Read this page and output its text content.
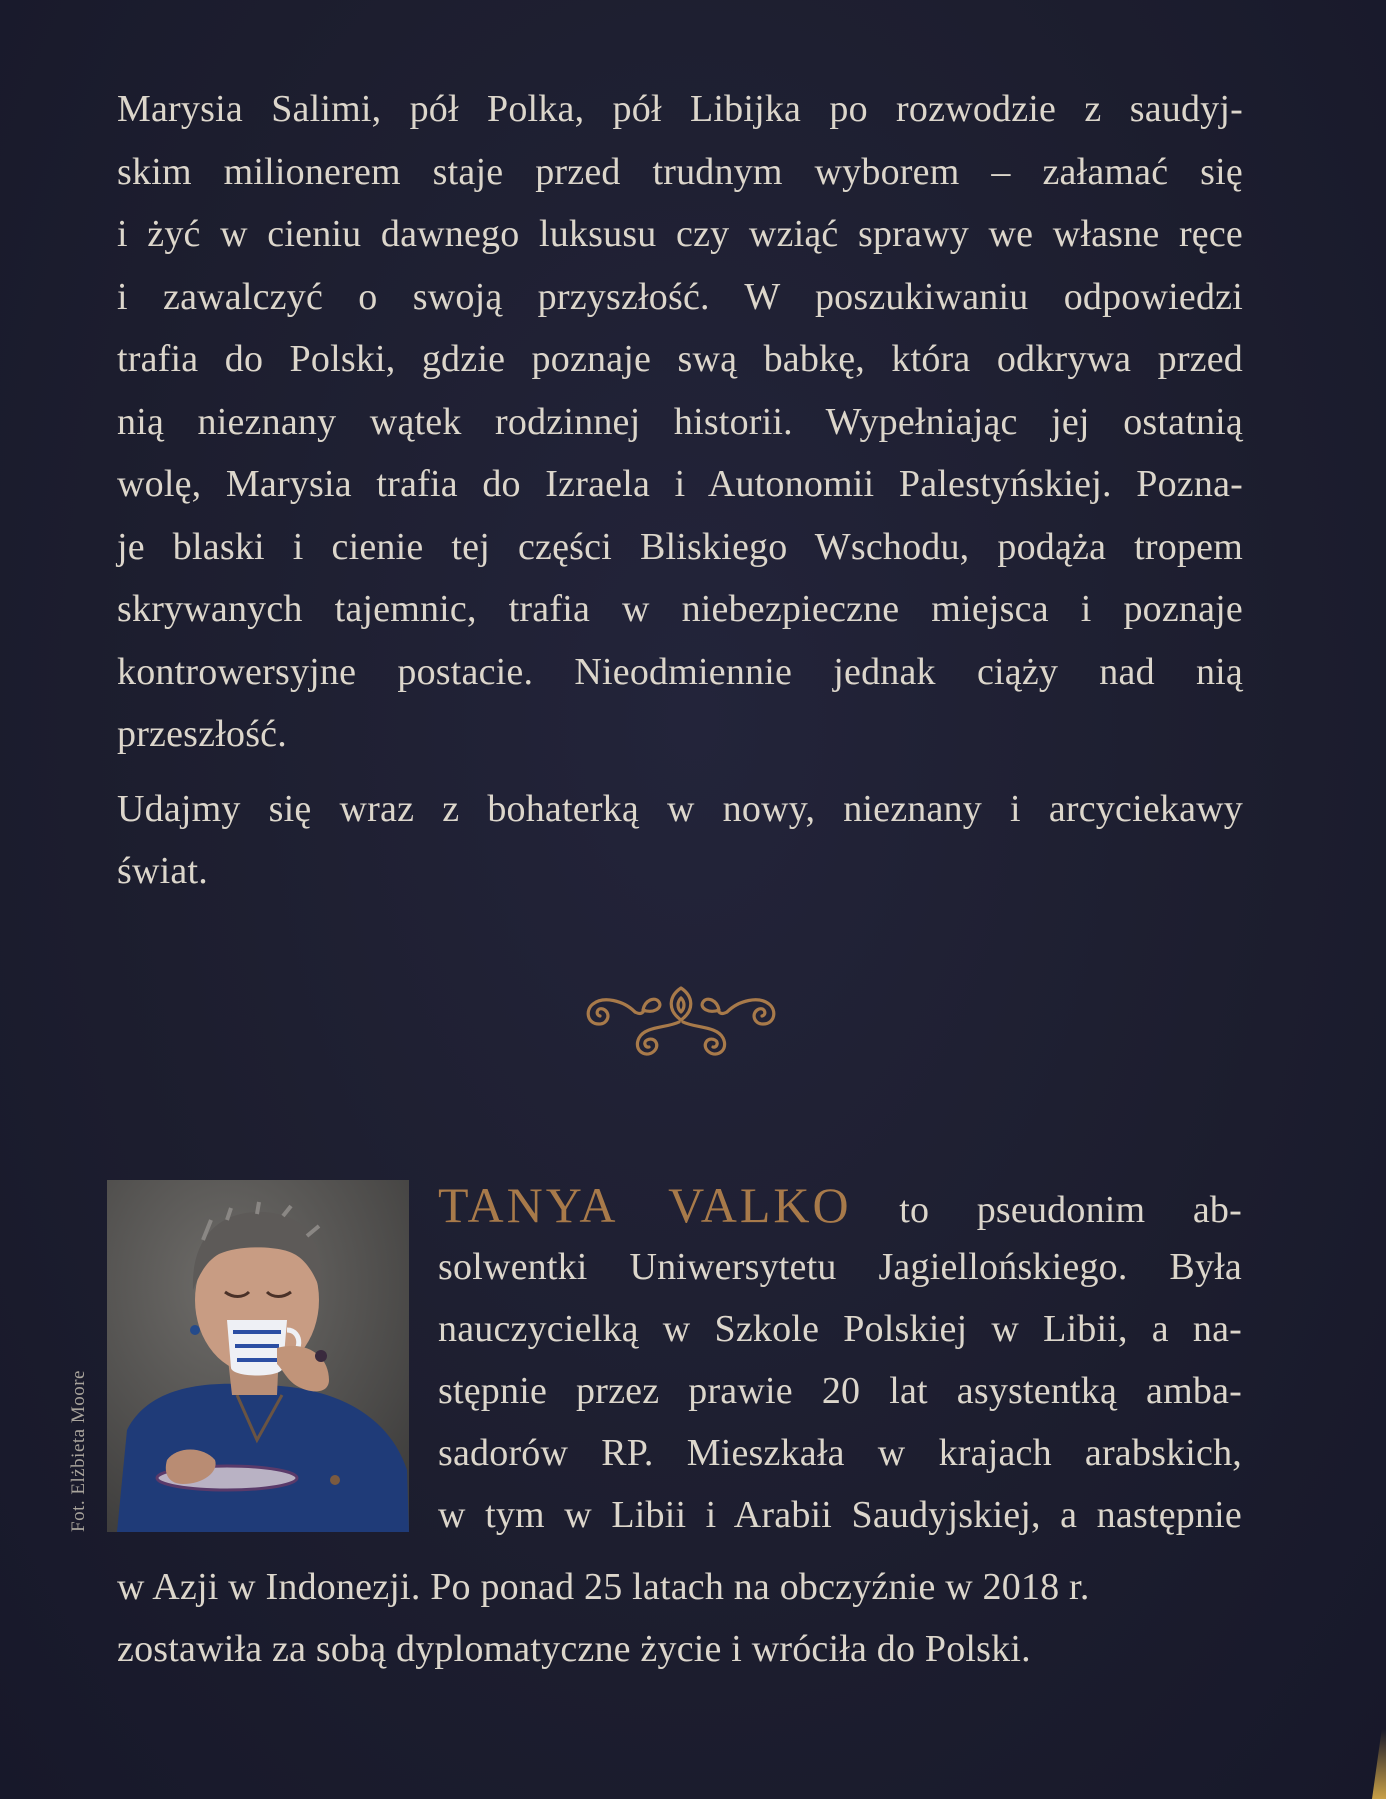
Marysia Salimi, pół Polka, pół Libijka po rozwodzie z saudyj-
skim milionerem staje przed trudnym wyborem – załamać się
i żyć w cieniu dawnego luksusu czy wziąć sprawy we własne ręce
i zawalczyć o swoją przyszłość. W poszukiwaniu odpowiedzi
trafia do Polski, gdzie poznaje swą babkę, która odkrywa przed
nią nieznany wątek rodzinnej historii. Wypełniając jej ostatnią
wolę, Marysia trafia do Izraela i Autonomii Palestyńskiej. Pozna-
je blaski i cienie tej części Bliskiego Wschodu, podąża tropem
skrywanych tajemnic, trafia w niebezpieczne miejsca i poznaje
kontrowersyjne postacie. Nieodmiennie jednak ciąży nad nią
przeszłość.

Udajmy się wraz z bohaterką w nowy, nieznany i arcyciekawy
świat.

Fot. Elżbieta Moore
TANYA VALKO to pseudonim ab-
solwentki Uniwersytetu Jagiellońskiego. Była
nauczycielką w Szkole Polskiej w Libii, a na-
stępnie przez prawie 20 lat asystentką amba-
sadorów RP. Mieszkała w krajach arabskich,
w tym w Libii i Arabii Saudyjskiej, a następnie
w Azji w Indonezji. Po ponad 25 latach na obczyźnie w 2018 r.
zostawiła za sobą dyplomatyczne życie i wróciła do Polski.
